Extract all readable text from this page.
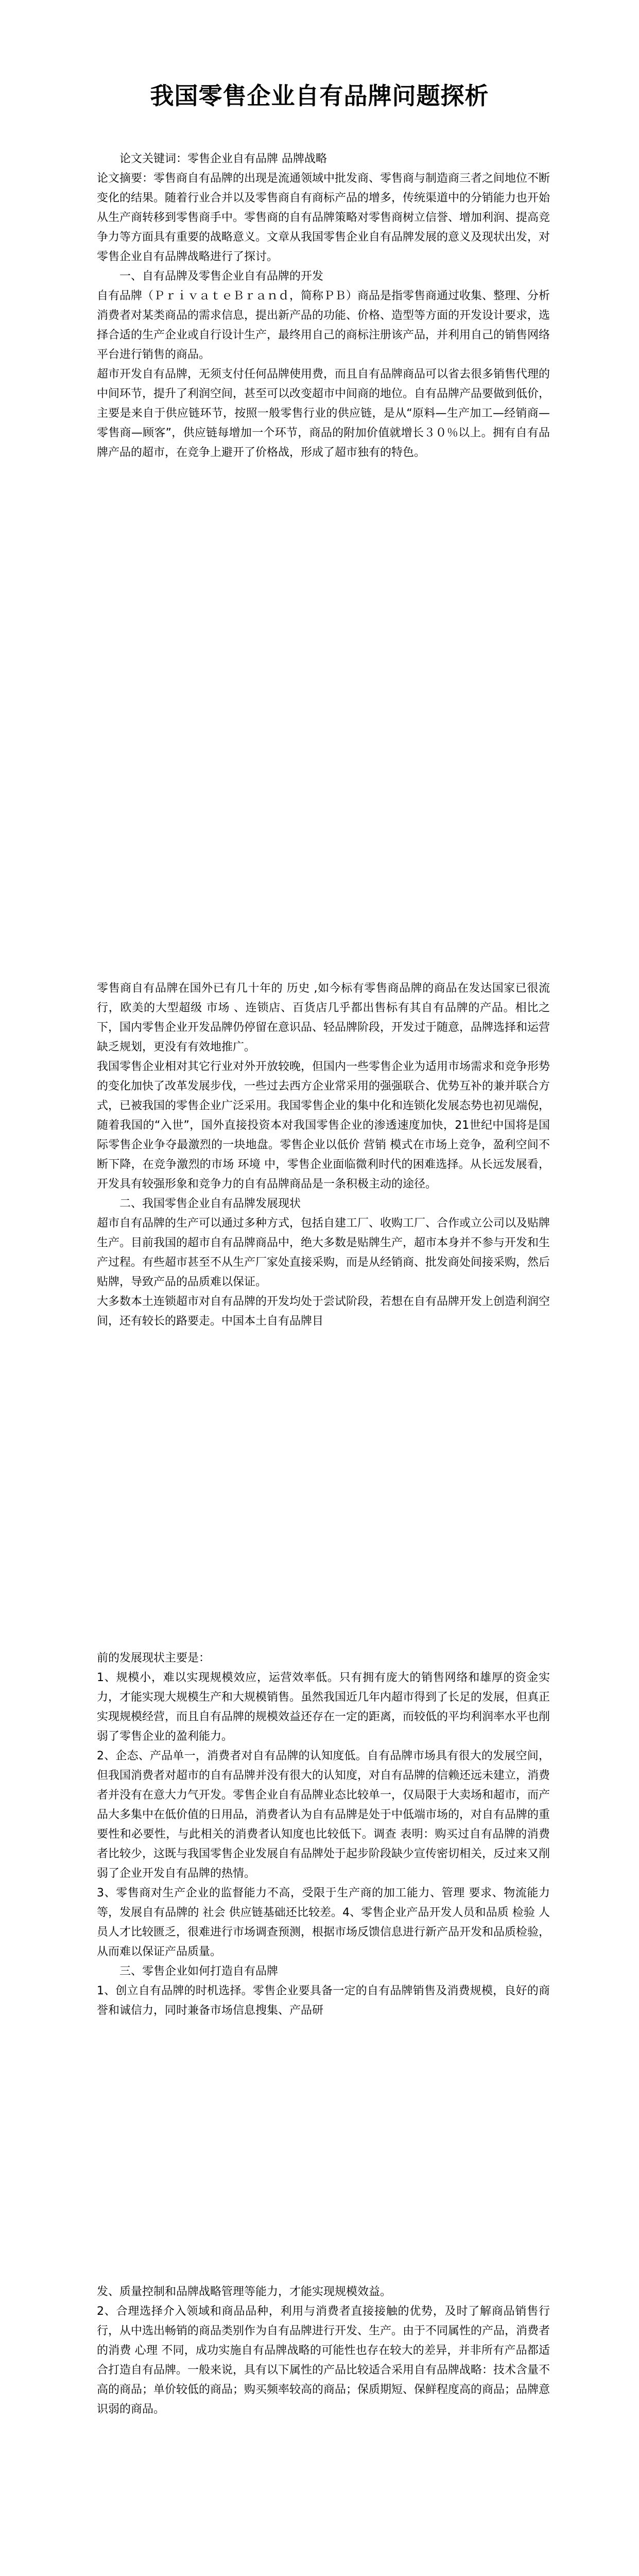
我国零售企业自有品牌问题探析

论文关键词：零售企业自有品牌 品牌战略

论文摘要：零售商自有品牌的出现是流通领域中批发商、零售商与制造商三者之间地位不断变化的结果。随着行业合并以及零售商自有商标产品的增多，传统渠道中的分销能力也开始从生产商转移到零售商手中。零售商的自有品牌策略对零售商树立信誉、增加利润、提高竞争力等方面具有重要的战略意义。文章从我国零售企业自有品牌发展的意义及现状出发，对零售企业自有品牌战略进行了探讨。

一、自有品牌及零售企业自有品牌的开发

自有品牌（ＰｒｉｖａｔｅＢｒａｎｄ，简称ＰＢ）商品是指零售商通过收集、整理、分析消费者对某类商品的需求信息，提出新产品的功能、价格、造型等方面的开发设计要求，选择合适的生产企业或自行设计生产，最终用自己的商标注册该产品，并利用自己的销售网络平台进行销售的商品。

超市开发自有品牌，无须支付任何品牌使用费，而且自有品牌商品可以省去很多销售代理的中间环节，提升了利润空间，甚至可以改变超市中间商的地位。自有品牌产品要做到低价，主要是来自于供应链环节，按照一般零售行业的供应链，是从“原料—生产加工—经销商—零售商—顾客”，供应链每增加一个环节，商品的附加价值就增长３０％以上。拥有自有品牌产品的超市，在竞争上避开了价格战，形成了超市独有的特色。

零售商自有品牌在国外已有几十年的 历史 ,如今标有零售商品牌的商品在发达国家已很流行，欧美的大型超级 市场 、连锁店、百货店几乎都出售标有其自有品牌的产品。相比之下，国内零售企业开发品牌仍停留在意识品、轻品牌阶段，开发过于随意，品牌选择和运营缺乏规划，更没有有效地推广。

我国零售企业相对其它行业对外开放较晚，但国内一些零售企业为适用市场需求和竞争形势的变化加快了改革发展步伐，一些过去西方企业常采用的强强联合、优势互补的兼并联合方式，已被我国的零售企业广泛采用。我国零售企业的集中化和连锁化发展态势也初见端倪，随着我国的“入世”，国外直接投资本对我国零售企业的渗透速度加快，21世纪中国将是国际零售企业争夺最激烈的一块地盘。零售企业以低价 营销 模式在市场上竞争，盈利空间不断下降，在竞争激烈的市场 环境 中，零售企业面临微利时代的困难选择。从长远发展看，开发具有较强形象和竞争力的自有品牌商品是一条积极主动的途径。

二、我国零售企业自有品牌发展现状

超市自有品牌的生产可以通过多种方式，包括自建工厂、收购工厂、合作或立公司以及贴牌生产。目前我国的超市自有品牌商品中，绝大多数是贴牌生产，超市本身并不参与开发和生产过程。有些超市甚至不从生产厂家处直接采购，而是从经销商、批发商处间接采购，然后贴牌，导致产品的品质难以保证。

大多数本土连锁超市对自有品牌的开发均处于尝试阶段，若想在自有品牌开发上创造利润空间，还有较长的路要走。中国本土自有品牌目

前的发展现状主要是：

1、规模小，难以实现规模效应，运营效率低。只有拥有庞大的销售网络和雄厚的资金实力，才能实现大规模生产和大规模销售。虽然我国近几年内超市得到了长足的发展，但真正实现规模经营，而且自有品牌的规模效益还存在一定的距离，而较低的平均利润率水平也削弱了零售企业的盈利能力。

2、企态、产品单一，消费者对自有品牌的认知度低。自有品牌市场具有很大的发展空间，但我国消费者对超市的自有品牌并没有很大的认知度，对自有品牌的信赖还远未建立，消费者并没有在意大力气开发。零售企业自有品牌业态比较单一，仅局限于大卖场和超市，而产品大多集中在低价值的日用品，消费者认为自有品牌是处于中低端市场的，对自有品牌的重要性和必要性，与此相关的消费者认知度也比较低下。调查 表明：购买过自有品牌的消费者比较少，这既与我国零售企业发展自有品牌处于起步阶段缺少宣传密切相关，反过来又削弱了企业开发自有品牌的热情。

3、零售商对生产企业的监督能力不高，受限于生产商的加工能力、管理 要求、物流能力等，发展自有品牌的 社会 供应链基础还比较差。4、零售企业产品开发人员和品质 检验 人员人才比较匮乏，很难进行市场调查预测，根据市场反馈信息进行新产品开发和品质检验，从而难以保证产品质量。

三、零售企业如何打造自有品牌

1、创立自有品牌的时机选择。零售企业要具备一定的自有品牌销售及消费规模，良好的商誉和诚信力，同时兼备市场信息搜集、产品研

发、质量控制和品牌战略管理等能力，才能实现规模效益。

2、合理选择介入领域和商品品种，利用与消费者直接接触的优势，及时了解商品销售行行，从中选出畅销的商品类别作为自有品牌进行开发、生产。由于不同属性的产品，消费者的消费 心理 不同，成功实施自有品牌战略的可能性也存在较大的差异，并非所有产品都适合打造自有品牌。一般来说，具有以下属性的产品比较适合采用自有品牌战略：技术含量不高的商品；单价较低的商品；购买频率较高的商品；保质期短、保鲜程度高的商品；品牌意识弱的商品。
